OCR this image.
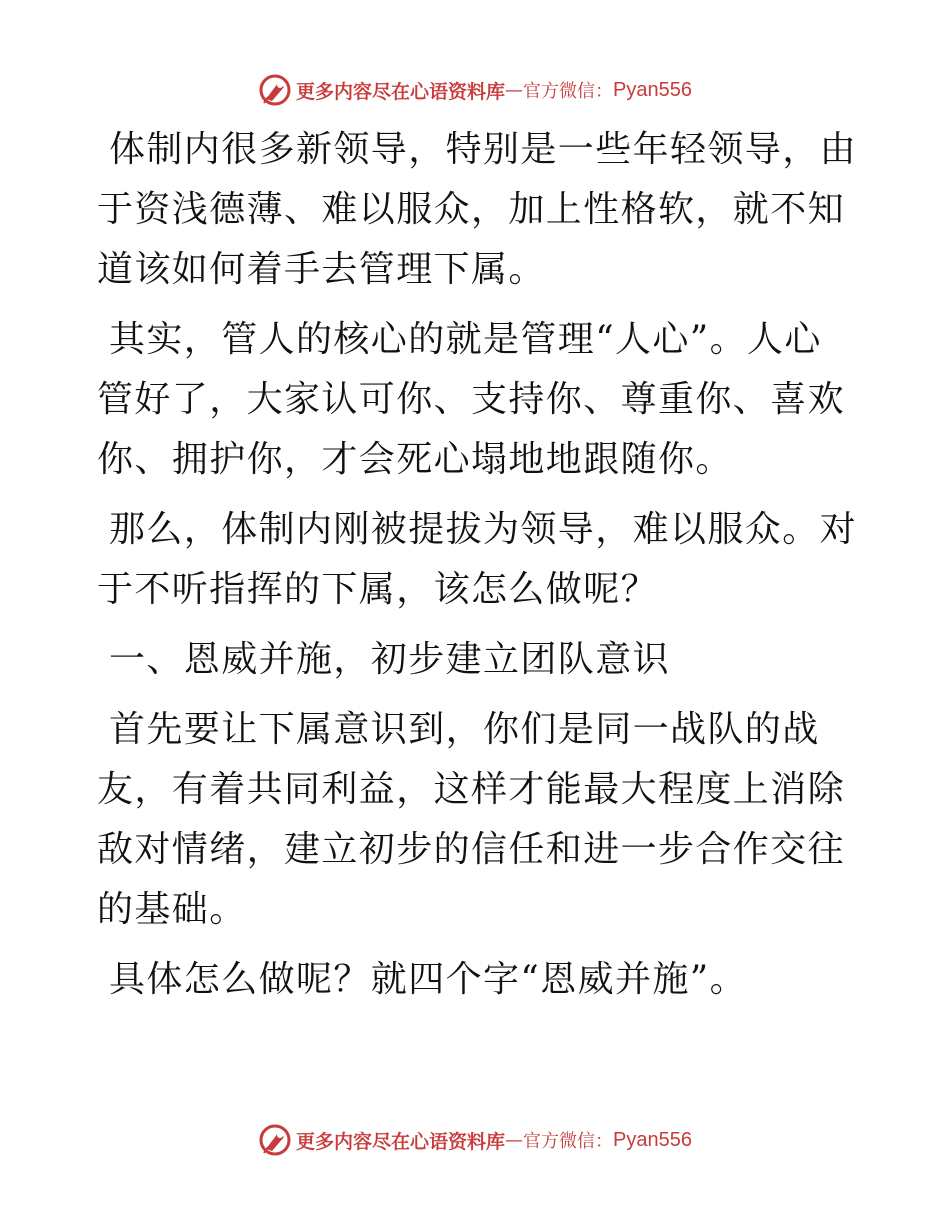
更多内容尽在心语资料库 — 官方微信： Pyan556

体制内很多新领导，特别是一些年轻领导，由于资浅德薄、难以服众，加上性格软，就不知道该如何着手去管理下属。

其实，管人的核心的就是管理“人心”。人心管好了，大家认可你、支持你、尊重你、喜欢你、拥护你，才会死心塌地地跟随你。

那么，体制内刚被提拔为领导，难以服众。对于不听指挥的下属，该怎么做呢？

一、恩威并施，初步建立团队意识

首先要让下属意识到，你们是同一战队的战友，有着共同利益，这样才能最大程度上消除敌对情绪，建立初步的信任和进一步合作交往的基础。

具体怎么做呢？就四个字“恩威并施”。

更多内容尽在心语资料库 — 官方微信： Pyan556
